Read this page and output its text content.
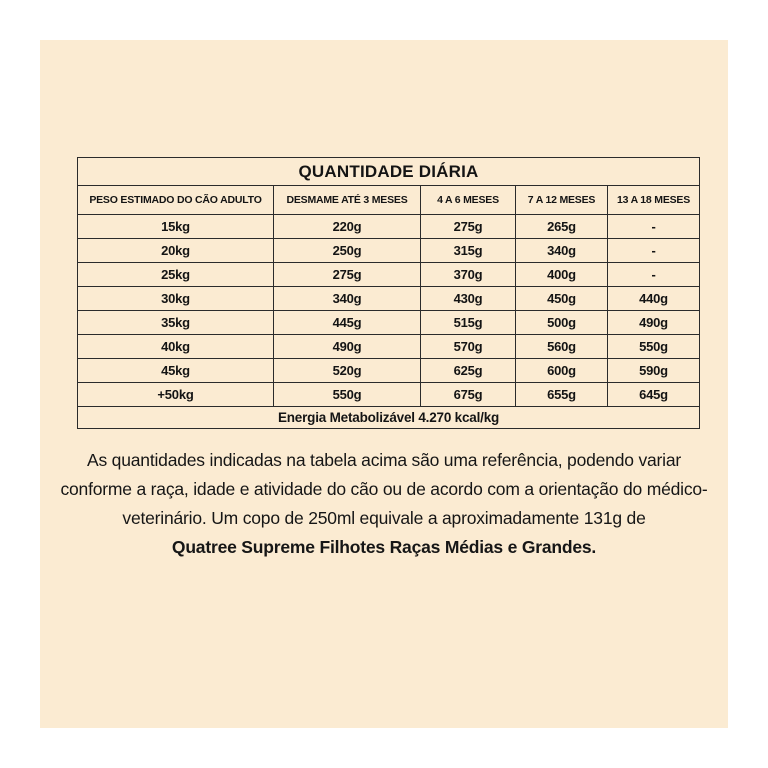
QUANTIDADE DIÁRIA				
PESO ESTIMADO DO CÃO ADULTO	DESMAME ATÉ 3 MESES	4 A 6 MESES	7 A 12 MESES	13 A 18 MESES
15kg	220g	275g	265g	-
20kg	250g	315g	340g	-
25kg	275g	370g	400g	-
30kg	340g	430g	450g	440g
35kg	445g	515g	500g	490g
40kg	490g	570g	560g	550g
45kg	520g	625g	600g	590g
+50kg	550g	675g	655g	645g
Energia Metabolizável 4.270 kcal/kg				
As quantidades indicadas na tabela acima são uma referência, podendo variar conforme a raça, idade e atividade do cão ou de acordo com a orientação do médico-veterinário. Um copo de 250ml equivale a aproximadamente 131g de
Quatree Supreme Filhotes Raças Médias e Grandes.
